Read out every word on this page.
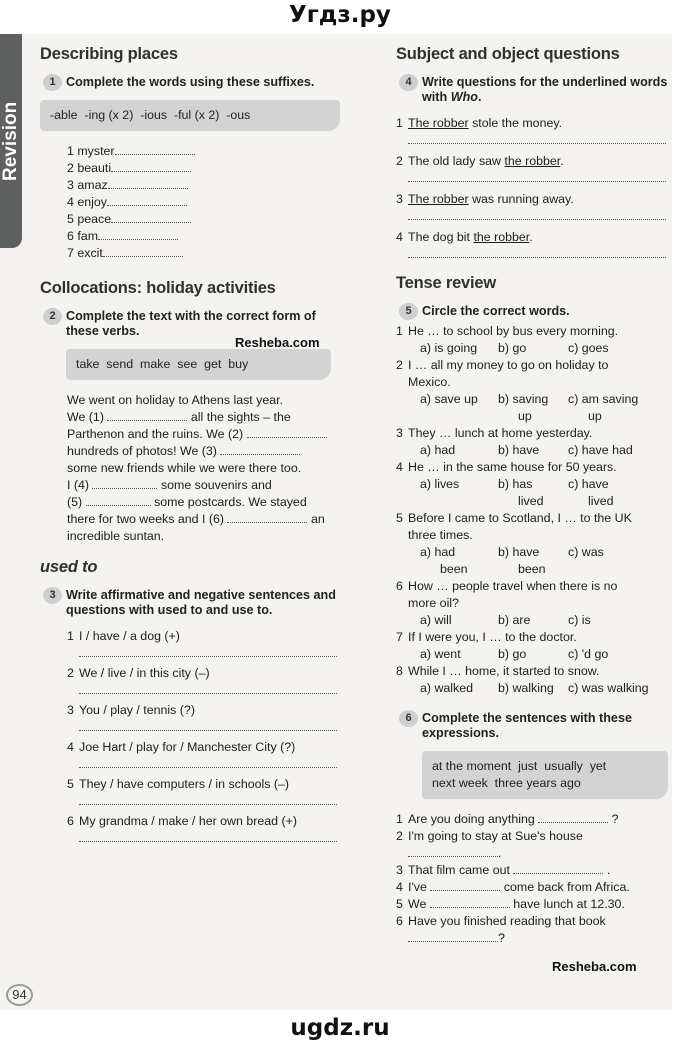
Угдз.ру
Revision
Describing places
1 Complete the words using these suffixes.
-able  -ing (x 2)  -ious  -ful (x 2)  -ous
1 myster
2 beauti
3 amaz
4 enjoy
5 peace
6 fam
7 excit
Collocations: holiday activities
2 Complete the text with the correct form of these verbs.
take  send  make  see  get  buy
We went on holiday to Athens last year.
We (1)	all the sights – the
Parthenon and the ruins. We (2)
hundreds of photos! We (3)
some new friends while we were there too.
I (4)	some souvenirs and
(5)	some postcards. We stayed
there for two weeks and I (6)	an
incredible suntan.
used to
3 Write affirmative and negative sentences and questions with used to and use to.
1 I / have / a dog (+)
2 We / live / in this city (–)
3 You / play / tennis (?)
4 Joe Hart / play for / Manchester City (?)
5 They / have computers / in schools (–)
6 My grandma / make / her own bread (+)
Subject and object questions
4 Write questions for the underlined words with Who.
1 The robber stole the money.
2 The old lady saw the robber.
3 The robber was running away.
4 The dog bit the robber.
Tense review
5 Circle the correct words.
1 He … to school by bus every morning.
a) is going	b) go	c) goes
2 I … all my money to go on holiday to
Mexico.
a) save up	b) saving	c) am saving
up	up
3 They … lunch at home yesterday.
a) had	b) have	c) have had
4 He … in the same house for 50 years.
a) lives	b) has	c) have
lived	lived
5 Before I came to Scotland, I … to the UK
three times.
a) had	b) have	c) was
been	been
6 How … people travel when there is no
more oil?
a) will	b) are	c) is
7 If I were you, I … to the doctor.
a) went	b) go	c) 'd go
8 While I … home, it started to snow.
a) walked	b) walking	c) was walking
6 Complete the sentences with these expressions.
at the moment  just  usually  yet
next week  three years ago
1 Are you doing anything	?
2 I'm going to stay at Sue's house
.
3 That film came out	.
4 I've	come back from Africa.
5 We	have lunch at 12.30.
6 Have you finished reading that book
?
94
Resheba.com
Resheba.com
ugdz.ru
